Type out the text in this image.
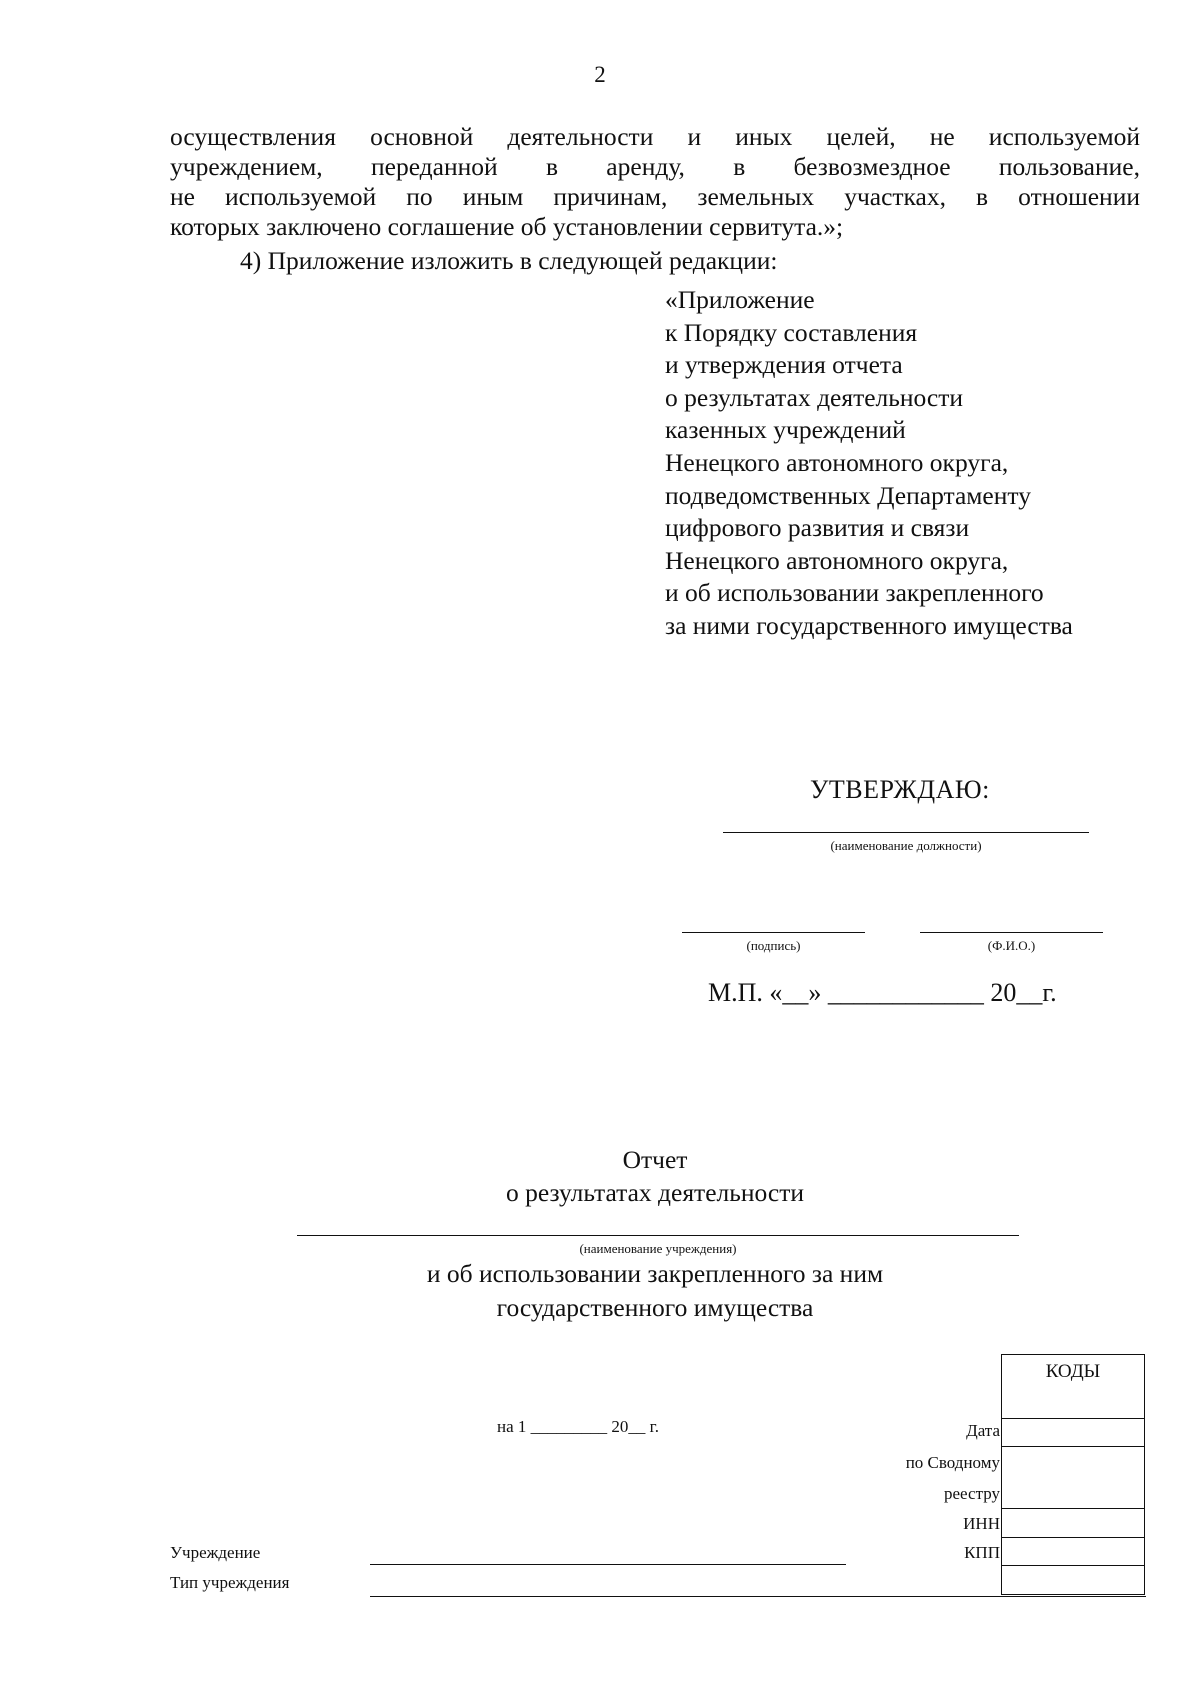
2
осуществления основной деятельности и иных целей, не используемой
учреждением, переданной в аренду, в безвозмездное пользование,
не используемой по иным причинам, земельных участках, в отношении
которых заключено соглашение об установлении сервитута.»;
4) Приложение изложить в следующей редакции:
«Приложение
к Порядку составления
и утверждения отчета
о результатах деятельности
казенных учреждений
Ненецкого автономного округа,
подведомственных Департаменту
цифрового развития и связи
Ненецкого автономного округа,
и об использовании закрепленного
за ними государственного имущества
УТВЕРЖДАЮ:
(наименование должности)
(подпись)	(Ф.И.О.)
М.П. «__» ____________ 20__г.
Отчет
о результатах деятельности
(наименование учреждения)
и об использовании закрепленного за ним
государственного имущества
на 1 _________ 20__ г.
КОДЫ
Дата
по Сводному
реестру
ИНН
КПП
Учреждение
Тип учреждения
